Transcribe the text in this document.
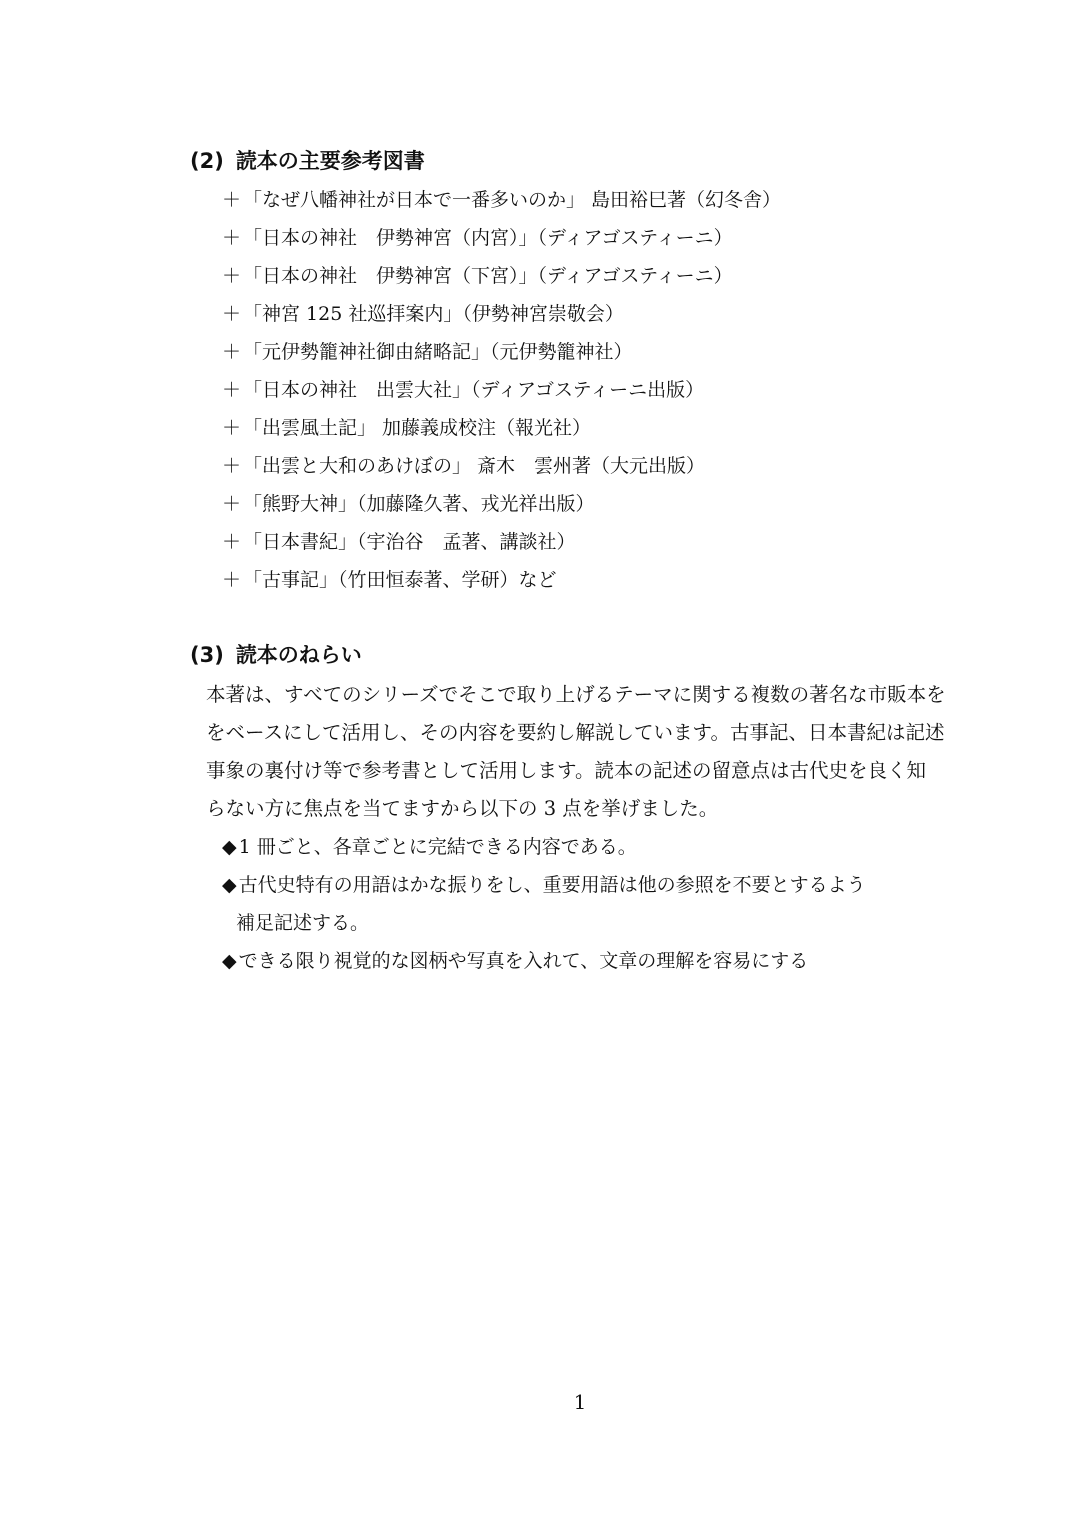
(2) 読本の主要参考図書
＋ 「なぜ八幡神社が日本で一番多いのか」 島田裕巳著（幻冬舎）
＋ 「日本の神社　伊勢神宮（内宮）」（ディアゴスティーニ）
＋ 「日本の神社　伊勢神宮（下宮）」（ディアゴスティーニ）
＋ 「神宮 125 社巡拝案内」（伊勢神宮崇敬会）
＋ 「元伊勢籠神社御由緒略記」（元伊勢籠神社）
＋ 「日本の神社　出雲大社」（ディアゴスティーニ出版）
＋ 「出雲風土記」 加藤義成校注（報光社）
＋ 「出雲と大和のあけぼの」 斎木　雲州著（大元出版）
＋ 「熊野大神」（加藤隆久著、戎光祥出版）
＋ 「日本書紀」（宇治谷　孟著、講談社）
＋ 「古事記」（竹田恒泰著、学研）など
(3) 読本のねらい

本著は、すべてのシリーズでそこで取り上げるテーマに関する複数の著名な市販本を
をベースにして活用し、その内容を要約し解説しています。古事記、日本書紀は記述
事象の裏付け等で参考書として活用します。読本の記述の留意点は古代史を良く知
らない方に焦点を当てますから以下の 3 点を挙げました。

◆ 1 冊ごと、各章ごとに完結できる内容である。
◆ 古代史特有の用語はかな振りをし、重要用語は他の参照を不要とするよう
補足記述する。
◆ できる限り視覚的な図柄や写真を入れて、文章の理解を容易にする
1
